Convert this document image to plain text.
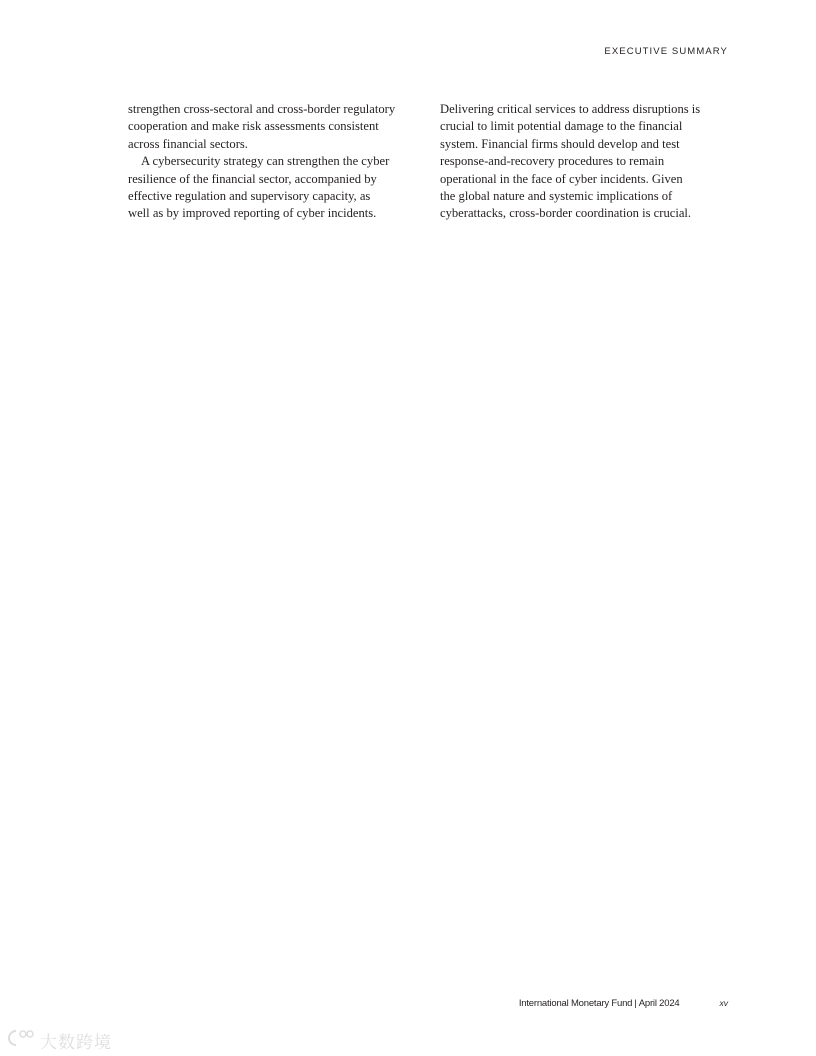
EXECUTIVE SUMMARY
strengthen cross-sectoral and cross-border regulatory
cooperation and make risk assessments consistent
across financial sectors.
A cybersecurity strategy can strengthen the cyber
resilience of the financial sector, accompanied by
effective regulation and supervisory capacity, as
well as by improved reporting of cyber incidents.
Delivering critical services to address disruptions is
crucial to limit potential damage to the financial
system. Financial firms should develop and test
response-and-recovery procedures to remain
operational in the face of cyber incidents. Given
the global nature and systemic implications of
cyberattacks, cross-border coordination is crucial.
International Monetary Fund | April 2024	xv
大数跨境
